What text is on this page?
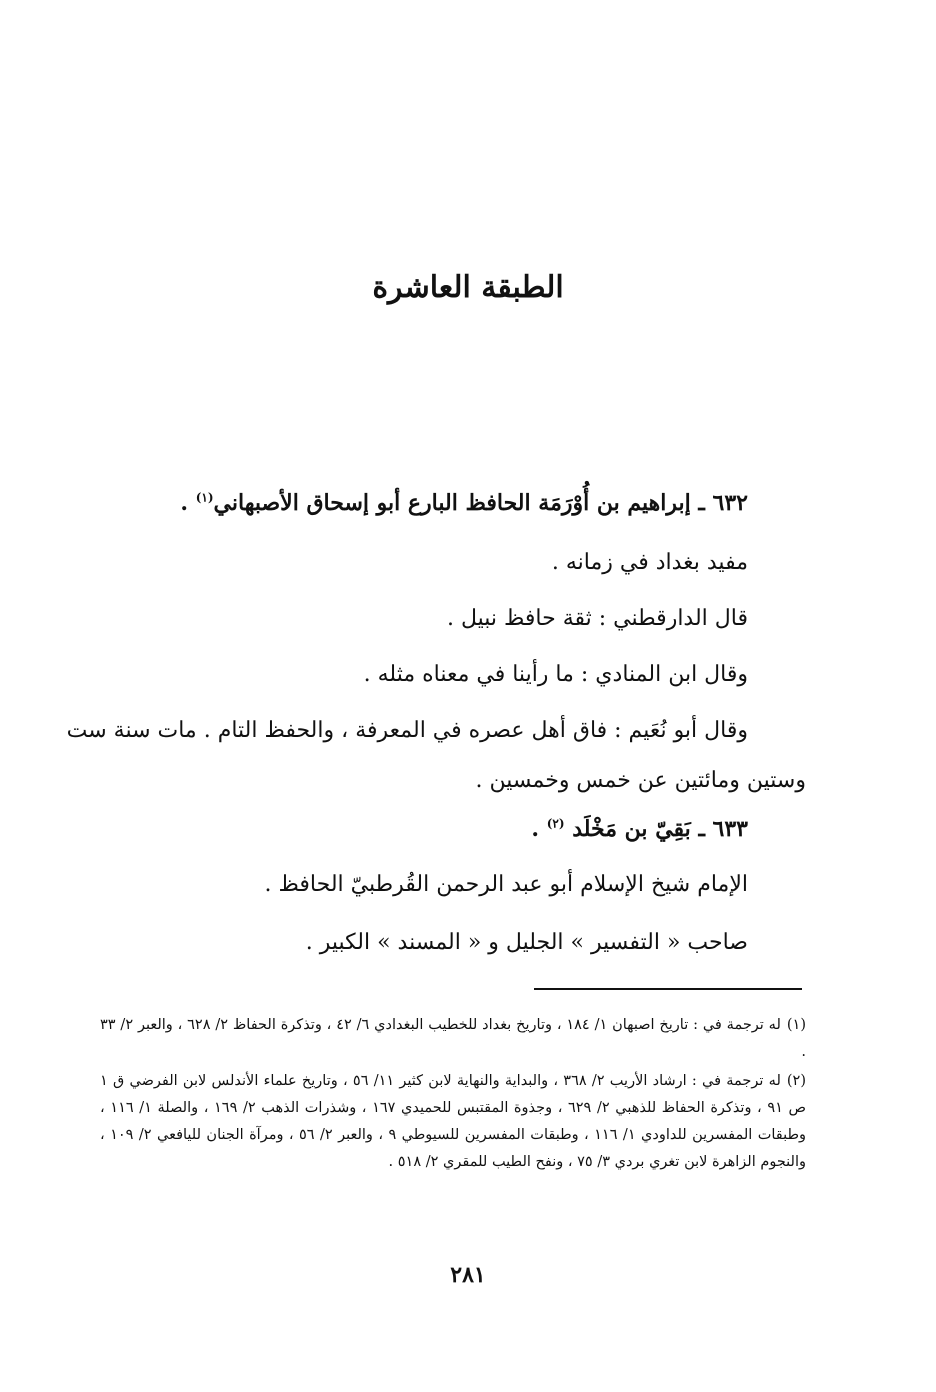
الطبقة العاشرة
٦٣٢ ـ إبراهيم بن أُوْرَمَة الحافظ البارع أبو إسحاق الأصبهاني$^{(١)}$ .
مفيد بغداد في زمانه .
قال الدارقطني : ثقة حافظ نبيل .
وقال ابن المنادي : ما رأينا في معناه مثله .
وقال أبو نُعَيم : فاق أهل عصره في المعرفة ، والحفظ التام . مات سنة ست
وستين ومائتين عن خمس وخمسين .
٦٣٣ ـ بَقِيّ بن مَخْلَد $^{(٢)}$ .
الإمام شيخ الإسلام أبو عبد الرحمن القُرطبيّ الحافظ .
صاحب « التفسير » الجليل و « المسند » الكبير .
(١)له ترجمة في : تاريخ اصبهان ١/ ١٨٤ ، وتاريخ بغداد للخطيب البغدادي ٦/ ٤٢ ، وتذكرة الحفاظ ٢/ ٦٢٨ ، والعبر ٢/ ٣٣ .
(٢)له ترجمة في : ارشاد الأريب ٢/ ٣٦٨ ، والبداية والنهاية لابن كثير ١١/ ٥٦ ، وتاريخ علماء الأندلس لابن الفرضي ق ١ ص ٩١ ، وتذكرة الحفاظ للذهبي ٢/ ٦٢٩ ، وجذوة المقتبس للحميدي ١٦٧ ، وشذرات الذهب ٢/ ١٦٩ ، والصلة ١/ ١١٦ ، وطبقات المفسرين للداودي ١/ ١١٦ ، وطبقات المفسرين للسيوطي ٩ ، والعبر ٢/ ٥٦ ، ومرآة الجنان لليافعي ٢/ ١٠٩ ، والنجوم الزاهرة لابن تغري بردي ٣/ ٧٥ ، ونفح الطيب للمقري ٢/ ٥١٨ .
٢٨١
